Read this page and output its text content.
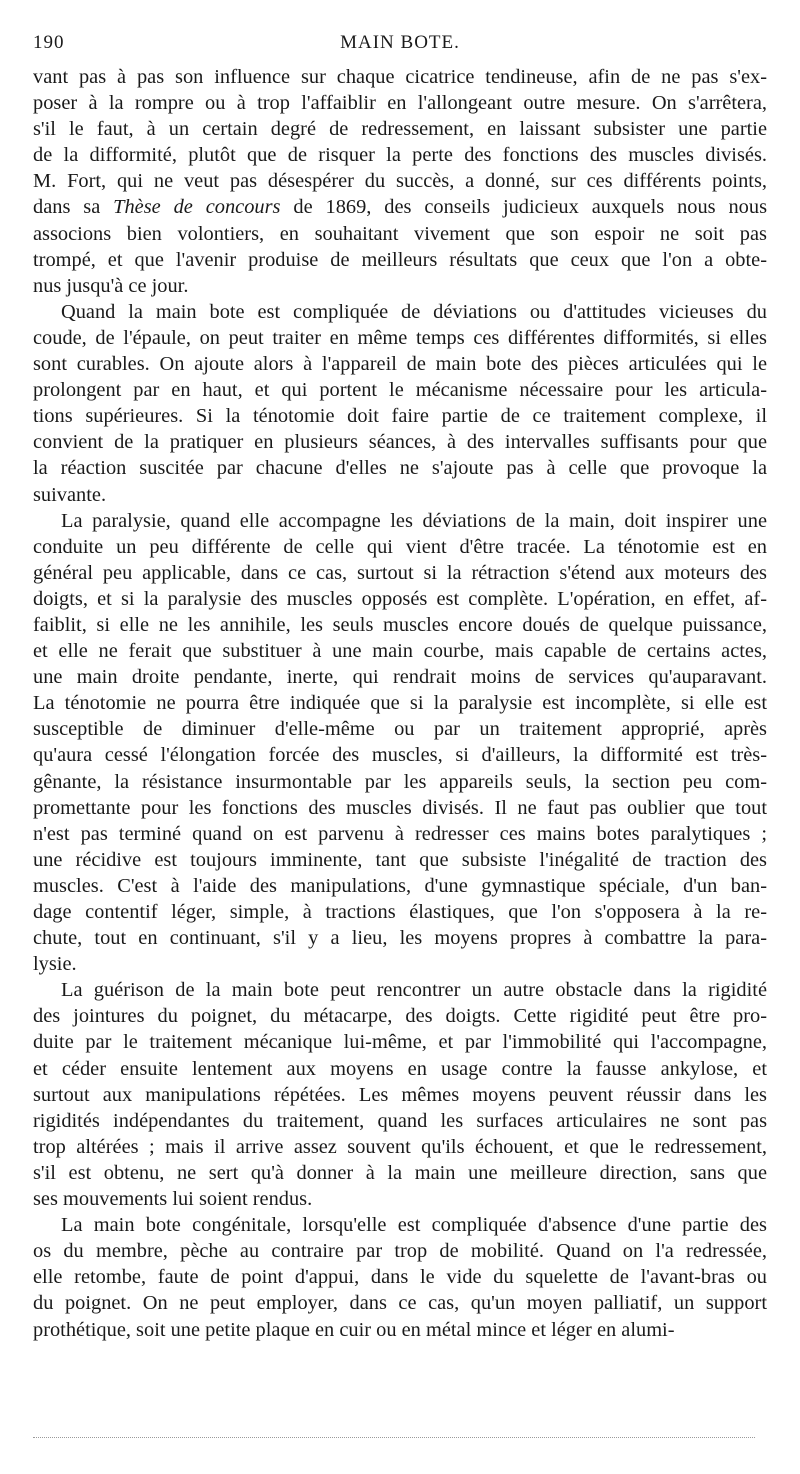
190	MAIN BOTE.
vant pas à pas son influence sur chaque cicatrice tendineuse, afin de ne pas s'ex-
poser à la rompre ou à trop l'affaiblir en l'allongeant outre mesure. On s'arrêtera,
s'il le faut, à un certain degré de redressement, en laissant subsister une partie
de la difformité, plutôt que de risquer la perte des fonctions des muscles divisés.
M. Fort, qui ne veut pas désespérer du succès, a donné, sur ces différents points,
dans sa Thèse de concours de 1869, des conseils judicieux auxquels nous nous
associons bien volontiers, en souhaitant vivement que son espoir ne soit pas
trompé, et que l'avenir produise de meilleurs résultats que ceux que l'on a obte-
nus jusqu'à ce jour.
Quand la main bote est compliquée de déviations ou d'attitudes vicieuses du
coude, de l'épaule, on peut traiter en même temps ces différentes difformités, si elles
sont curables. On ajoute alors à l'appareil de main bote des pièces articulées qui le
prolongent par en haut, et qui portent le mécanisme nécessaire pour les articula-
tions supérieures. Si la ténotomie doit faire partie de ce traitement complexe, il
convient de la pratiquer en plusieurs séances, à des intervalles suffisants pour que
la réaction suscitée par chacune d'elles ne s'ajoute pas à celle que provoque la
suivante.
La paralysie, quand elle accompagne les déviations de la main, doit inspirer une
conduite un peu différente de celle qui vient d'être tracée. La ténotomie est en
général peu applicable, dans ce cas, surtout si la rétraction s'étend aux moteurs des
doigts, et si la paralysie des muscles opposés est complète. L'opération, en effet, af-
faiblit, si elle ne les annihile, les seuls muscles encore doués de quelque puissance,
et elle ne ferait que substituer à une main courbe, mais capable de certains actes,
une main droite pendante, inerte, qui rendrait moins de services qu'auparavant.
La ténotomie ne pourra être indiquée que si la paralysie est incomplète, si elle est
susceptible de diminuer d'elle-même ou par un traitement approprié, après
qu'aura cessé l'élongation forcée des muscles, si d'ailleurs, la difformité est très-
gênante, la résistance insurmontable par les appareils seuls, la section peu com-
promettante pour les fonctions des muscles divisés. Il ne faut pas oublier que tout
n'est pas terminé quand on est parvenu à redresser ces mains botes paralytiques ;
une récidive est toujours imminente, tant que subsiste l'inégalité de traction des
muscles. C'est à l'aide des manipulations, d'une gymnastique spéciale, d'un ban-
dage contentif léger, simple, à tractions élastiques, que l'on s'opposera à la re-
chute, tout en continuant, s'il y a lieu, les moyens propres à combattre la para-
lysie.
La guérison de la main bote peut rencontrer un autre obstacle dans la rigidité
des jointures du poignet, du métacarpe, des doigts. Cette rigidité peut être pro-
duite par le traitement mécanique lui-même, et par l'immobilité qui l'accompagne,
et céder ensuite lentement aux moyens en usage contre la fausse ankylose, et
surtout aux manipulations répétées. Les mêmes moyens peuvent réussir dans les
rigidités indépendantes du traitement, quand les surfaces articulaires ne sont pas
trop altérées ; mais il arrive assez souvent qu'ils échouent, et que le redressement,
s'il est obtenu, ne sert qu'à donner à la main une meilleure direction, sans que
ses mouvements lui soient rendus.
La main bote congénitale, lorsqu'elle est compliquée d'absence d'une partie des
os du membre, pèche au contraire par trop de mobilité. Quand on l'a redressée,
elle retombe, faute de point d'appui, dans le vide du squelette de l'avant-bras ou
du poignet. On ne peut employer, dans ce cas, qu'un moyen palliatif, un support
prothétique, soit une petite plaque en cuir ou en métal mince et léger en alumi-
